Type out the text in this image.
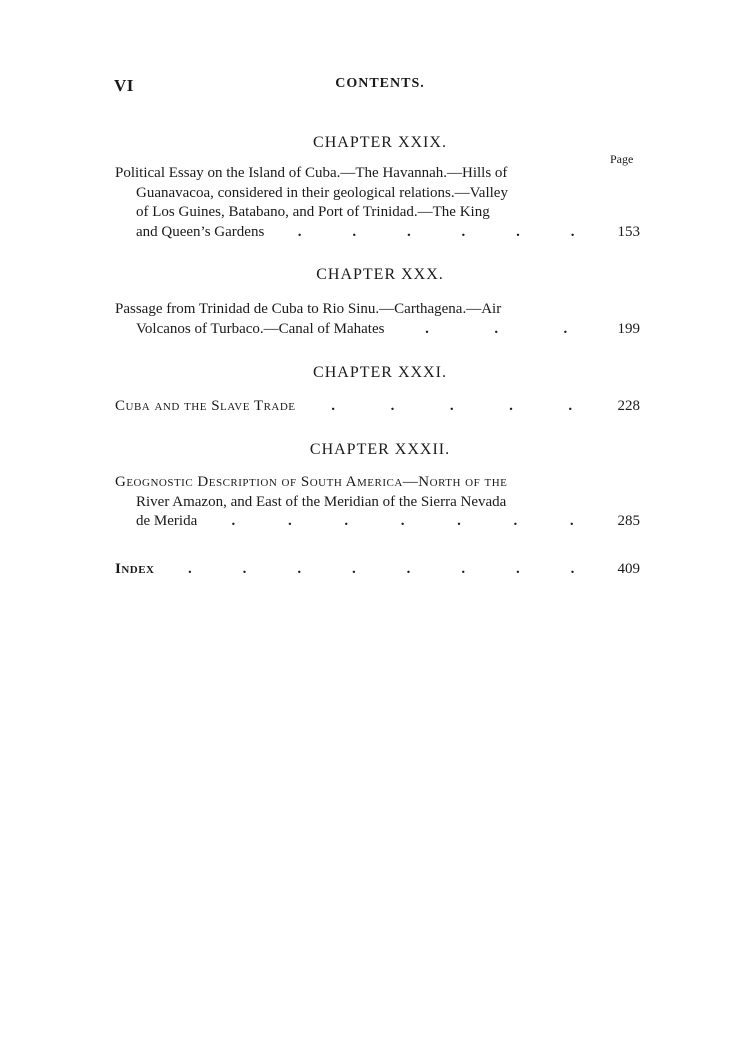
VI	CONTENTS.
CHAPTER XXIX.
Page
Political Essay on the Island of Cuba.—The Havannah.—Hills of
Guanavacoa, considered in their geological relations.—Valley
of Los Guines, Batabano, and Port of Trinidad.—The King
and Queen’s Gardens .	.	.	.	.	.	153
CHAPTER XXX.
Passage from Trinidad de Cuba to Rio Sinu.—Carthagena.—Air
Volcanos of Turbaco.—Canal of Mahates	.	.	.	199
CHAPTER XXXI.
Cuba and the Slave Trade .	.	.	.	.	228
CHAPTER XXXII.
Geognostic Description of South America—North of the
River Amazon, and East of the Meridian of the Sierra Nevada
de Merida .	.	.	.	.	.	.	285
Index .	.	.	.	.	.	.	.	409
